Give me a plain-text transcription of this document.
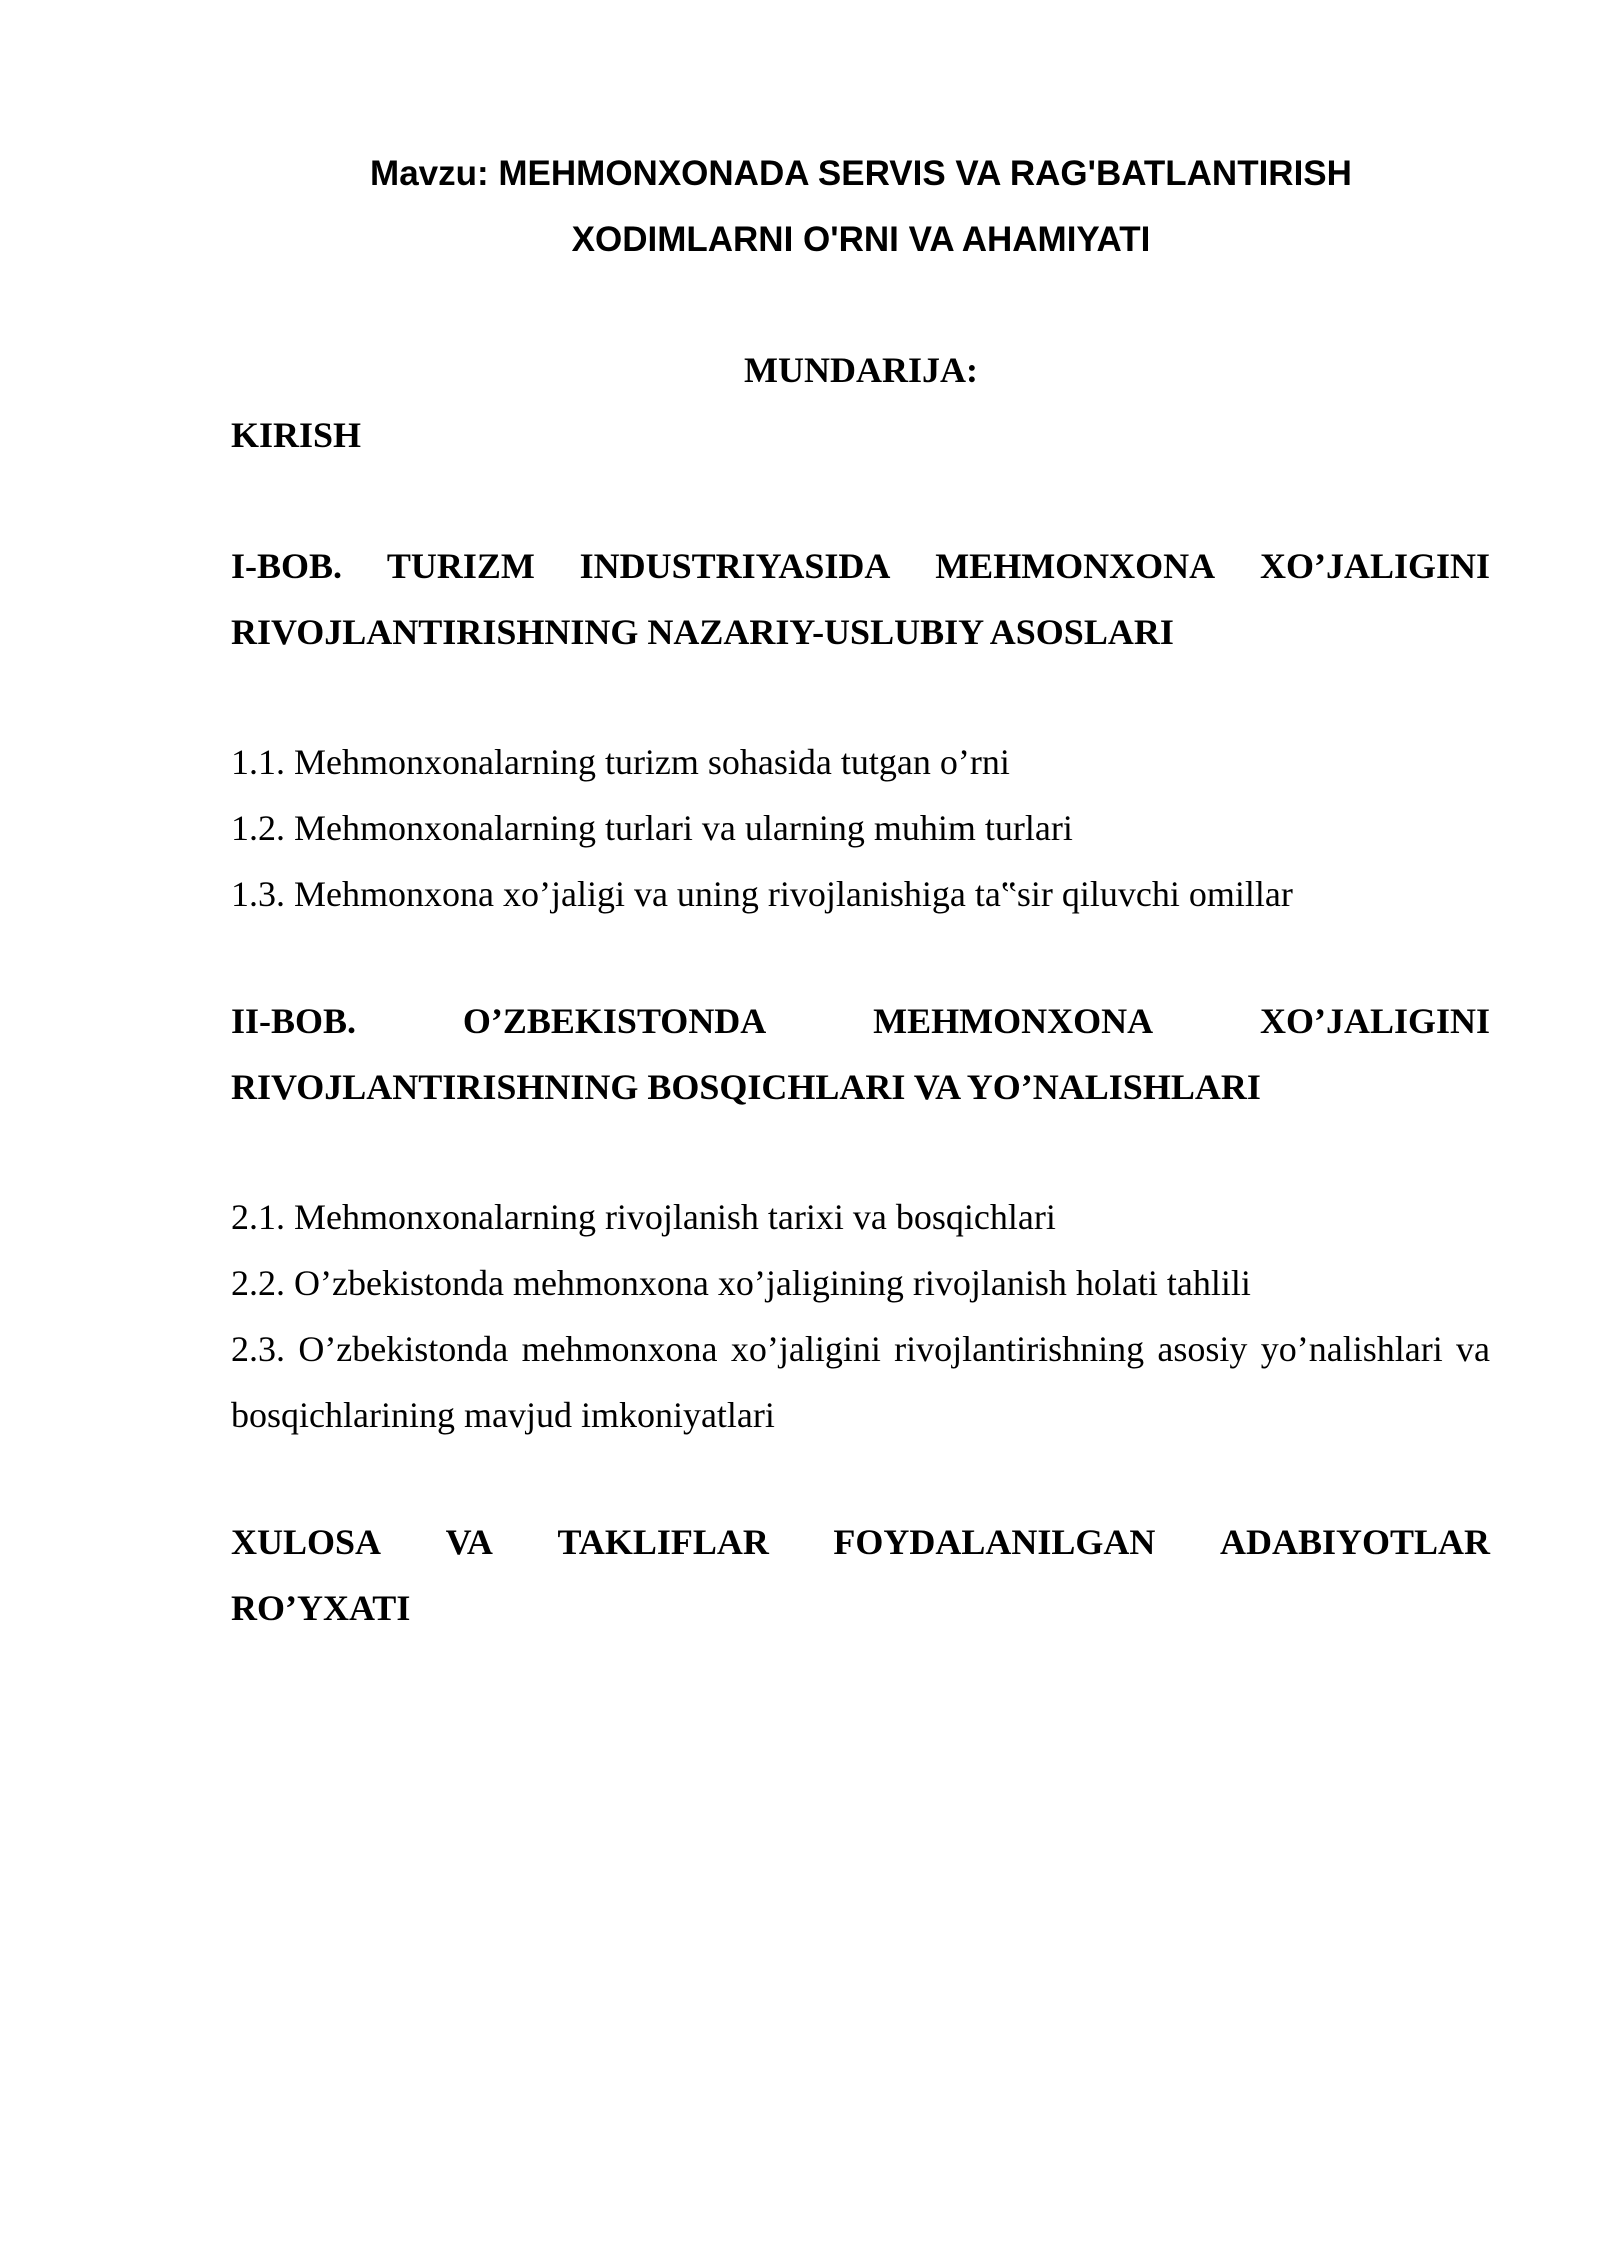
Mavzu: MEHMONXONADA SERVIS VA RAG'BATLANTIRISH
XODIMLARNI O'RNI VA AHAMIYATI
MUNDARIJA:
KIRISH
I-BOB. TURIZM INDUSTRIYASIDA MEHMONXONA XO’JALIGINI
RIVOJLANTIRISHNING NAZARIY-USLUBIY ASOSLARI
1.1. Mehmonxonalarning turizm sohasida tutgan o’rni
1.2. Mehmonxonalarning turlari va ularning muhim turlari
1.3. Mehmonxona xo’jaligi va uning rivojlanishiga ta‟sir qiluvchi omillar
II-BOB.	O’ZBEKISTONDA	MEHMONXONA	XO’JALIGINI
RIVOJLANTIRISHNING BOSQICHLARI VA YO’NALISHLARI
2.1. Mehmonxonalarning rivojlanish tarixi va bosqichlari
2.2. O’zbekistonda mehmonxona xo’jaligining rivojlanish holati tahlili
2.3. O’zbekistonda mehmonxona xo’jaligini rivojlantirishning asosiy yo’nalishlari va bosqichlarining mavjud imkoniyatlari
XULOSA VA TAKLIFLAR FOYDALANILGAN ADABIYOTLAR
RO’YXATI
